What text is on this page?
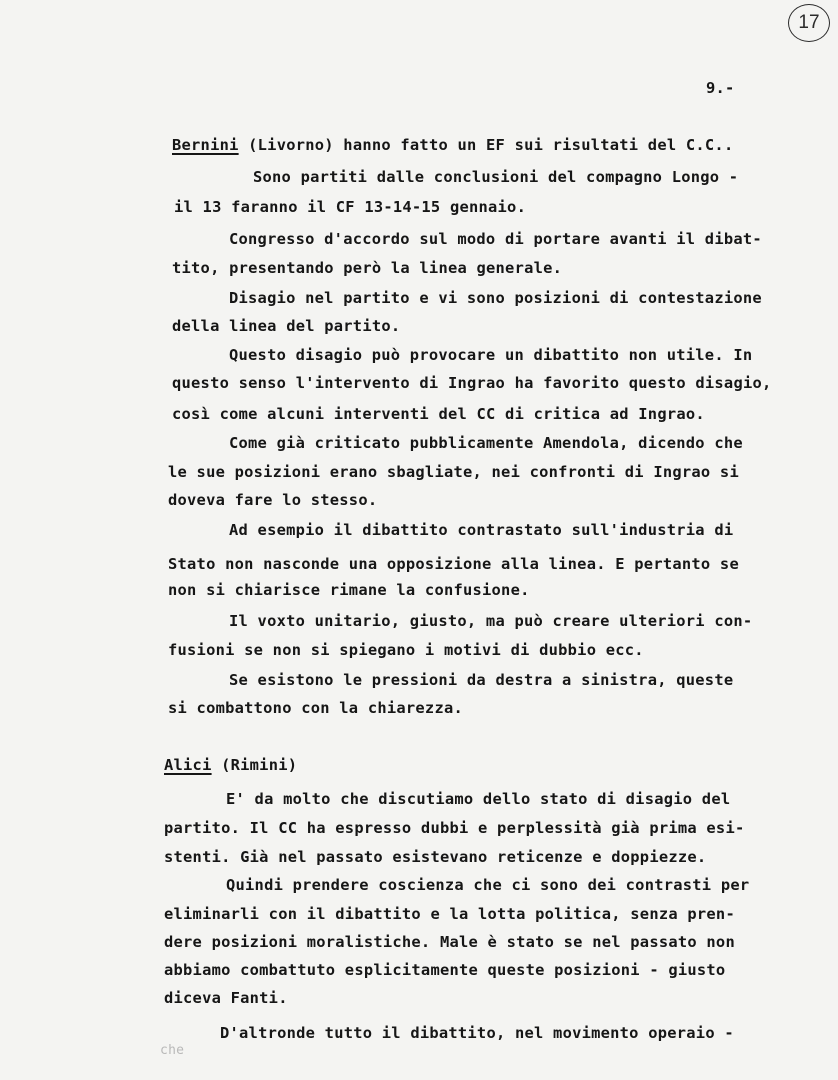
17
9.-
Bernini (Livorno) hanno fatto un EF sui risultati del C.C..
Sono partiti dalle conclusioni del compagno Longo -
il 13 faranno il CF 13-14-15 gennaio.
Congresso d'accordo sul modo di portare avanti il dibat-
tito, presentando però la linea generale.
Disagio nel partito e vi sono posizioni di contestazione
della linea del partito.
Questo disagio può provocare un dibattito non utile. In
questo senso l'intervento di Ingrao ha favorito questo disagio,
così come alcuni interventi del CC di critica ad Ingrao.
Come già criticato pubblicamente Amendola, dicendo che
le sue posizioni erano sbagliate, nei confronti di Ingrao si
doveva fare lo stesso.
Ad esempio il dibattito contrastato sull'industria di
Stato non nasconde una opposizione alla linea. E pertanto se
non si chiarisce rimane la confusione.
Il voxto unitario, giusto, ma può creare ulteriori con-
fusioni se non si spiegano i motivi di dubbio ecc.
Se esistono le pressioni da destra a sinistra, queste
si combattono con la chiarezza.
Alici (Rimini)
E' da molto che discutiamo dello stato di disagio del
partito. Il CC ha espresso dubbi e perplessità già prima esi-
stenti. Già nel passato esistevano reticenze e doppiezze.
Quindi prendere coscienza che ci sono dei contrasti per
eliminarli con il dibattito e la lotta politica, senza pren-
dere posizioni moralistiche. Male è stato se nel passato non
abbiamo combattuto esplicitamente queste posizioni - giusto
diceva Fanti.
D'altronde tutto il dibattito, nel movimento operaio -
che
